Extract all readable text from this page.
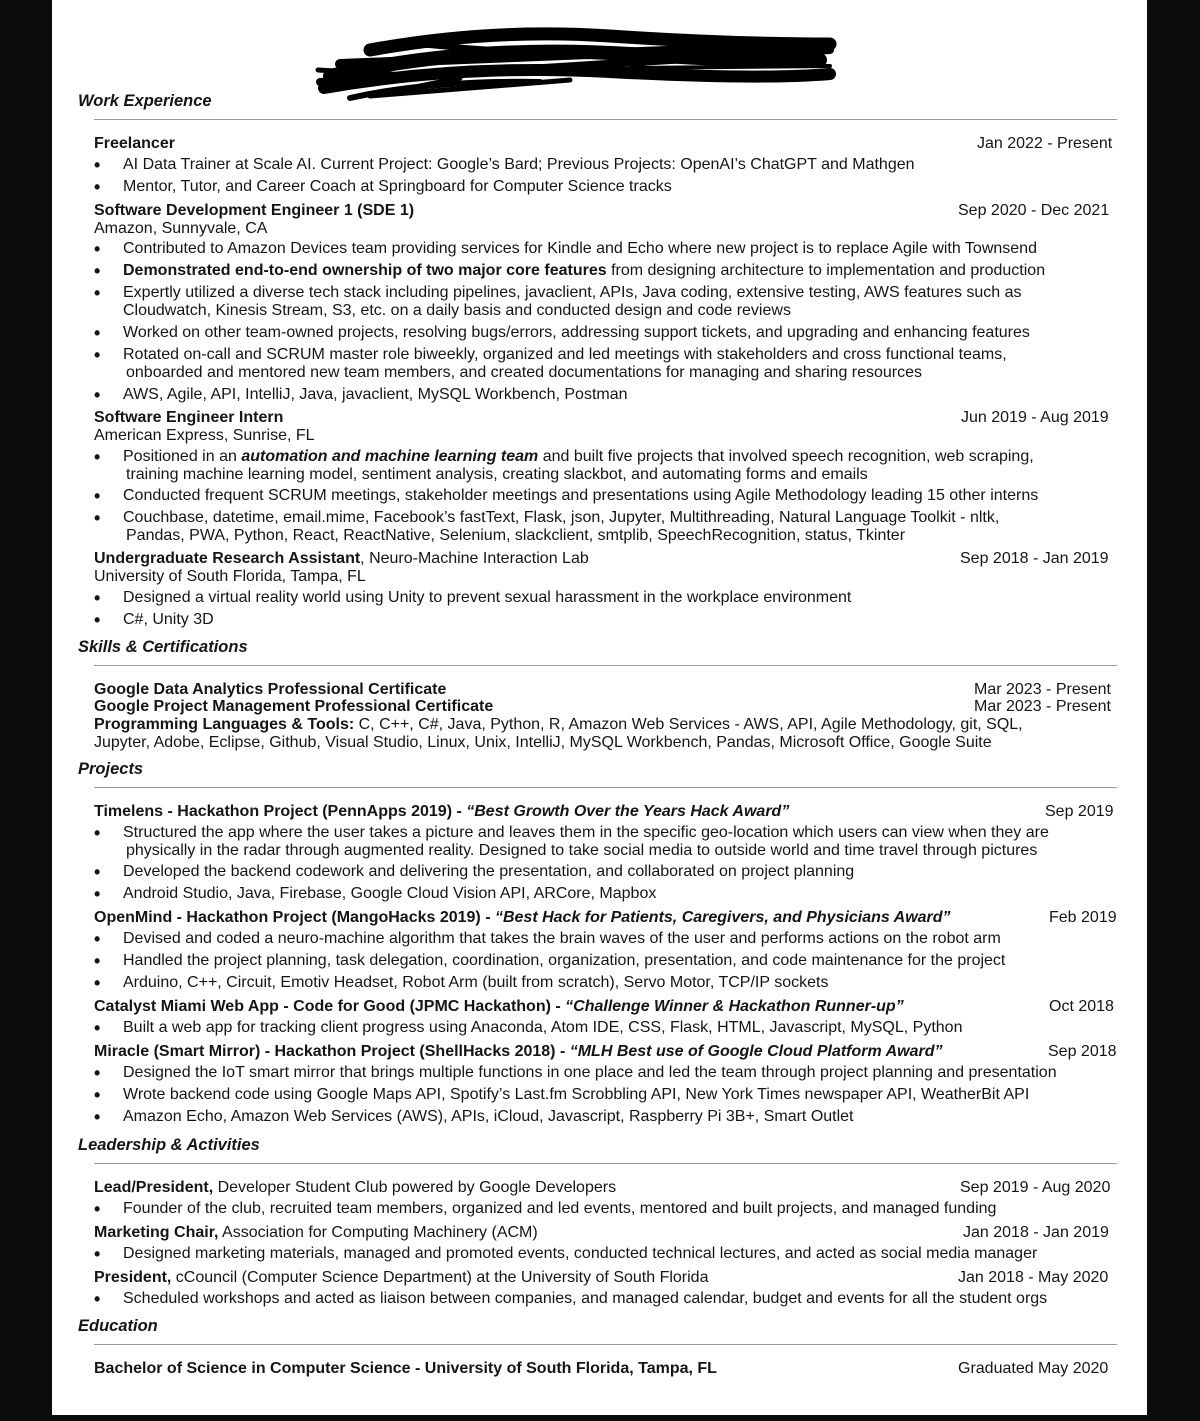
Work Experience
Freelancer	Jan 2022 - Present
• AI Data Trainer at Scale AI. Current Project: Google’s Bard; Previous Projects: OpenAI’s ChatGPT and Mathgen
• Mentor, Tutor, and Career Coach at Springboard for Computer Science tracks
Software Development Engineer 1 (SDE 1)	Sep 2020 - Dec 2021
Amazon, Sunnyvale, CA
• Contributed to Amazon Devices team providing services for Kindle and Echo where new project is to replace Agile with Townsend
• Demonstrated end-to-end ownership of two major core features from designing architecture to implementation and production
• Expertly utilized a diverse tech stack including pipelines, javaclient, APIs, Java coding, extensive testing, AWS features such as
Cloudwatch, Kinesis Stream, S3, etc. on a daily basis and conducted design and code reviews
• Worked on other team-owned projects, resolving bugs/errors, addressing support tickets, and upgrading and enhancing features
• Rotated on-call and SCRUM master role biweekly, organized and led meetings with stakeholders and cross functional teams,
onboarded and mentored new team members, and created documentations for managing and sharing resources
• AWS, Agile, API, IntelliJ, Java, javaclient, MySQL Workbench, Postman
Software Engineer Intern	Jun 2019 - Aug 2019
American Express, Sunrise, FL
• Positioned in an automation and machine learning team and built five projects that involved speech recognition, web scraping,
training machine learning model, sentiment analysis, creating slackbot, and automating forms and emails
• Conducted frequent SCRUM meetings, stakeholder meetings and presentations using Agile Methodology leading 15 other interns
• Couchbase, datetime, email.mime, Facebook’s fastText, Flask, json, Jupyter, Multithreading, Natural Language Toolkit - nltk,
Pandas, PWA, Python, React, ReactNative, Selenium, slackclient, smtplib, SpeechRecognition, status, Tkinter
Undergraduate Research Assistant, Neuro-Machine Interaction Lab	Sep 2018 - Jan 2019
University of South Florida, Tampa, FL
• Designed a virtual reality world using Unity to prevent sexual harassment in the workplace environment
• C#, Unity 3D
Skills & Certifications
Google Data Analytics Professional Certificate	Mar 2023 - Present
Google Project Management Professional Certificate	Mar 2023 - Present
Programming Languages & Tools: C, C++, C#, Java, Python, R, Amazon Web Services - AWS, API, Agile Methodology, git, SQL,
Jupyter, Adobe, Eclipse, Github, Visual Studio, Linux, Unix, IntelliJ, MySQL Workbench, Pandas, Microsoft Office, Google Suite
Projects
Timelens - Hackathon Project (PennApps 2019) - “Best Growth Over the Years Hack Award”	Sep 2019
• Structured the app where the user takes a picture and leaves them in the specific geo-location which users can view when they are
physically in the radar through augmented reality. Designed to take social media to outside world and time travel through pictures
• Developed the backend codework and delivering the presentation, and collaborated on project planning
• Android Studio, Java, Firebase, Google Cloud Vision API, ARCore, Mapbox
OpenMind - Hackathon Project (MangoHacks 2019) - “Best Hack for Patients, Caregivers, and Physicians Award”	Feb 2019
• Devised and coded a neuro-machine algorithm that takes the brain waves of the user and performs actions on the robot arm
• Handled the project planning, task delegation, coordination, organization, presentation, and code maintenance for the project
• Arduino, C++, Circuit, Emotiv Headset, Robot Arm (built from scratch), Servo Motor, TCP/IP sockets
Catalyst Miami Web App - Code for Good (JPMC Hackathon) - “Challenge Winner & Hackathon Runner-up”	Oct 2018
• Built a web app for tracking client progress using Anaconda, Atom IDE, CSS, Flask, HTML, Javascript, MySQL, Python
Miracle (Smart Mirror) - Hackathon Project (ShellHacks 2018) - “MLH Best use of Google Cloud Platform Award”	Sep 2018
• Designed the IoT smart mirror that brings multiple functions in one place and led the team through project planning and presentation
• Wrote backend code using Google Maps API, Spotify’s Last.fm Scrobbling API, New York Times newspaper API, WeatherBit API
• Amazon Echo, Amazon Web Services (AWS), APIs, iCloud, Javascript, Raspberry Pi 3B+, Smart Outlet
Leadership & Activities
Lead/President, Developer Student Club powered by Google Developers	Sep 2019 - Aug 2020
• Founder of the club, recruited team members, organized and led events, mentored and built projects, and managed funding
Marketing Chair, Association for Computing Machinery (ACM)	Jan 2018 - Jan 2019
• Designed marketing materials, managed and promoted events, conducted technical lectures, and acted as social media manager
President, cCouncil (Computer Science Department) at the University of South Florida	Jan 2018 - May 2020
• Scheduled workshops and acted as liaison between companies, and managed calendar, budget and events for all the student orgs
Education
Bachelor of Science in Computer Science - University of South Florida, Tampa, FL	Graduated May 2020
